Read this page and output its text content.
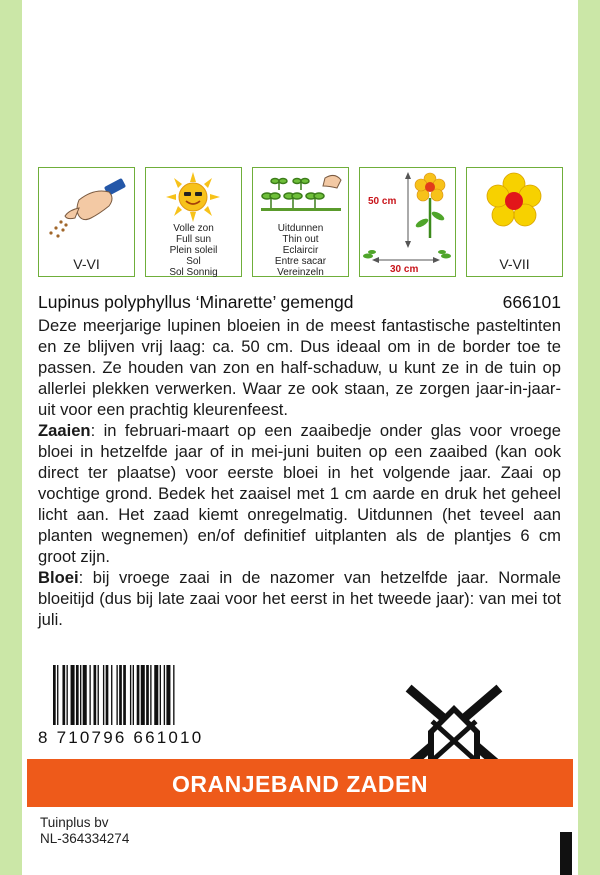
V-VI
Volle zon
Full sun
Plein soleil
Sol
Sol Sonnig
Uitdunnen
Thin out
Eclaircir
Entre sacar
Vereinzeln
50 cm
30 cm	V-VII
Lupinus polyphyllus ‘Minarette’ gemengd	666101

Deze meerjarige lupinen bloeien in de meest fantastische pasteltinten en ze blijven vrij laag: ca. 50 cm. Dus ideaal om in de border toe te passen. Ze houden van zon en half-schaduw, u kunt ze in de tuin op allerlei plekken verwerken. Waar ze ook staan, ze zorgen jaar-in-jaar-uit voor een prachtig kleurenfeest.

Zaaien: in februari-maart op een zaaibedje onder glas voor vroege bloei in hetzelfde jaar of in mei-juni buiten op een zaaibed (kan ook direct ter plaatse) voor eerste bloei in het volgende jaar. Zaai op vochtige grond. Bedek het zaaisel met 1 cm aarde en druk het geheel licht aan. Het zaad kiemt onregelmatig. Uitdunnen (het teveel aan planten wegnemen) en/of definitief uitplanten als de plantjes 6 cm groot zijn.

Bloei: bij vroege zaai in de nazomer van hetzelfde jaar. Normale bloeitijd (dus bij late zaai voor het eerst in het tweede jaar): van mei tot juli.

8 710796 661010
ORANJEBAND ZADEN
Tuinplus bv
NL-364334274
